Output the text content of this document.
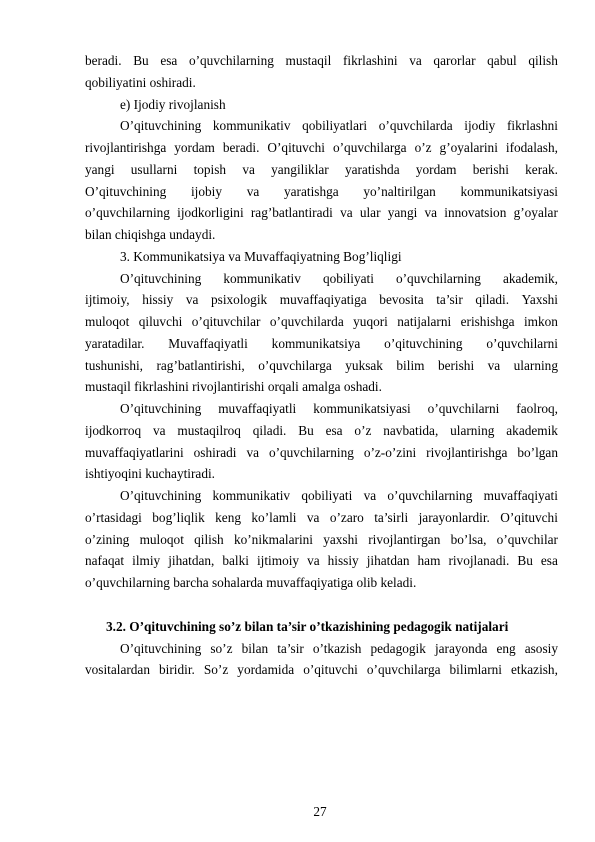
beradi. Bu esa o’quvchilarning mustaqil fikrlashini va qarorlar qabul qilish
qobiliyatini oshiradi.
e) Ijodiy rivojlanish
O’qituvchining kommunikativ qobiliyatlari o’quvchilarda ijodiy fikrlashni
rivojlantirishga yordam beradi. O’qituvchi o’quvchilarga o’z g’oyalarini ifodalash,
yangi usullarni topish va yangiliklar yaratishda yordam berishi kerak.
O’qituvchining ijobiy va yaratishga yo’naltirilgan kommunikatsiyasi
o’quvchilarning ijodkorligini rag’batlantiradi va ular yangi va innovatsion g’oyalar
bilan chiqishga undaydi.
3. Kommunikatsiya va Muvaffaqiyatning Bog’liqligi
O’qituvchining kommunikativ qobiliyati o’quvchilarning akademik,
ijtimoiy, hissiy va psixologik muvaffaqiyatiga bevosita ta’sir qiladi. Yaxshi
muloqot qiluvchi o’qituvchilar o’quvchilarda yuqori natijalarni erishishga imkon
yaratadilar. Muvaffaqiyatli kommunikatsiya o’qituvchining o’quvchilarni
tushunishi, rag’batlantirishi, o’quvchilarga yuksak bilim berishi va ularning
mustaqil fikrlashini rivojlantirishi orqali amalga oshadi.
O’qituvchining muvaffaqiyatli kommunikatsiyasi o’quvchilarni faolroq,
ijodkorroq va mustaqilroq qiladi. Bu esa o’z navbatida, ularning akademik
muvaffaqiyatlarini oshiradi va o’quvchilarning o’z-o’zini rivojlantirishga bo’lgan
ishtiyoqini kuchaytiradi.
O’qituvchining kommunikativ qobiliyati va o’quvchilarning muvaffaqiyati
o’rtasidagi bog’liqlik keng ko’lamli va o’zaro ta’sirli jarayonlardir. O’qituvchi
o’zining muloqot qilish ko’nikmalarini yaxshi rivojlantirgan bo’lsa, o’quvchilar
nafaqat ilmiy jihatdan, balki ijtimoiy va hissiy jihatdan ham rivojlanadi. Bu esa
o’quvchilarning barcha sohalarda muvaffaqiyatiga olib keladi.
3.2. O’qituvchining so’z bilan ta’sir o’tkazishining pedagogik natijalari
O’qituvchining so’z bilan ta’sir o’tkazish pedagogik jarayonda eng asosiy
vositalardan biridir. So’z yordamida o’qituvchi o’quvchilarga bilimlarni etkazish,
27
